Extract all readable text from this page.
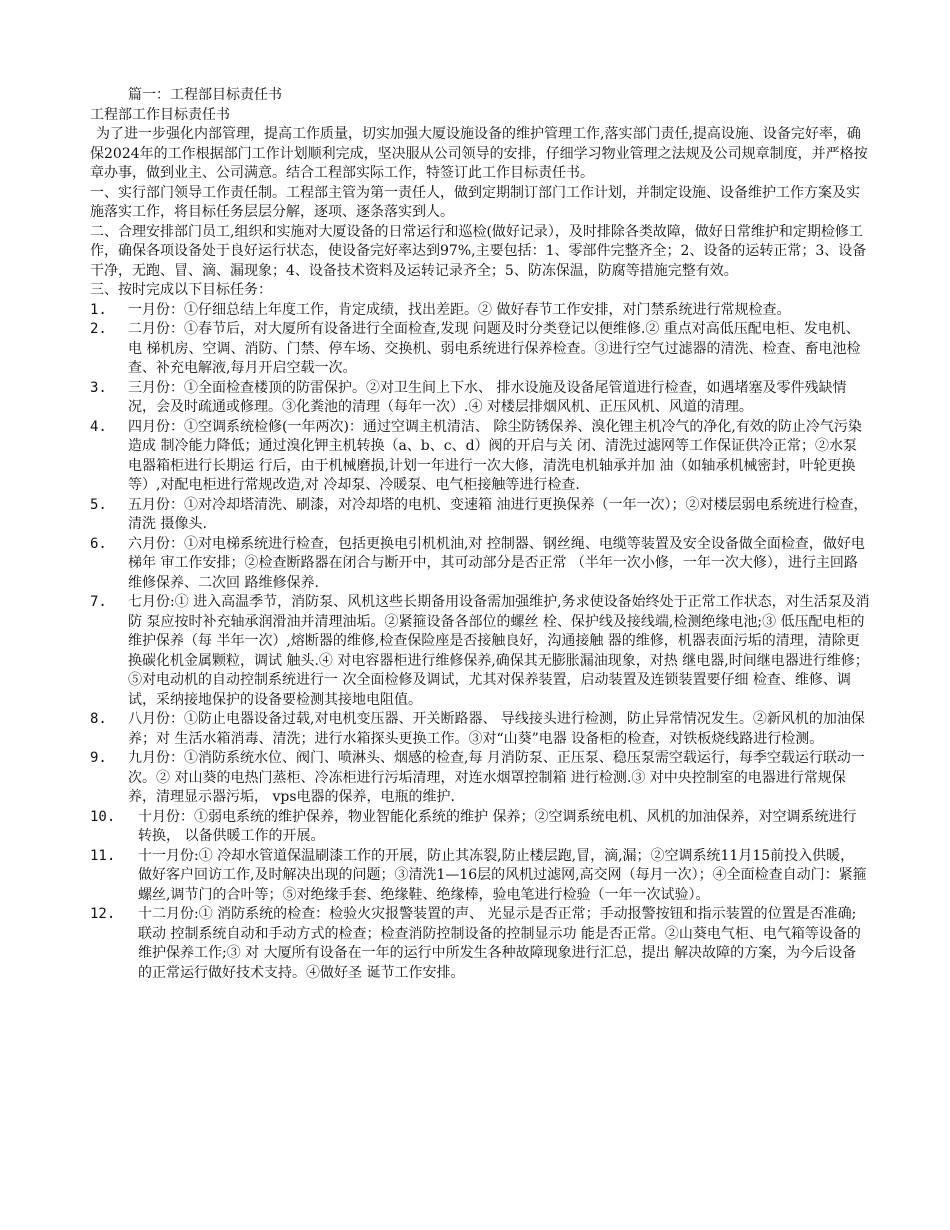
篇一：工程部目标责任书
工程部工作目标责任书
为了进一步强化内部管理，提高工作质量，切实加强大厦设施设备的维护管理工作,落实部门责任,提高设施、设备完好率，确保2024年的工作根据部门工作计划顺利完成，坚决服从公司领导的安排，仔细学习物业管理之法规及公司规章制度，并严格按章办事，做到业主、公司满意。结合工程部实际工作，特签订此工作目标责任书。
一、实行部门领导工作责任制。工程部主管为第一责任人，做到定期制订部门工作计划，并制定设施、设备维护工作方案及实施落实工作，将目标任务层层分解，逐项、逐条落实到人。
二、合理安排部门员工,组织和实施对大厦设备的日常运行和巡检(做好记录），及时排除各类故障，做好日常维护和定期检修工作，确保各项设备处于良好运行状态，使设备完好率达到97%,主要包括：1、零部件完整齐全；2、设备的运转正常；3、设备干净，无跑、冒、滴、漏现象；4、设备技术资料及运转记录齐全；5、防冻保温，防腐等措施完整有效。
三、按时完成以下目标任务：
1.	一月份：①仔细总结上年度工作，肯定成绩，找出差距。② 做好春节工作安排，对门禁系统进行常规检查。
2.	二月份：①春节后，对大厦所有设备进行全面检查,发现 问题及时分类登记以便维修.② 重点对高低压配电柜、发电机、电 梯机房、空调、消防、门禁、停车场、交换机、弱电系统进行保养检查。③进行空气过滤器的清洗、检查、畜电池检查、补充电解液,每月开启空载一次。
3.	三月份：①全面检查楼顶的防雷保护。②对卫生间上下水、 排水设施及设备尾管道进行检查，如遇堵塞及零件残缺情况，会及时疏通或修理。③化粪池的清理（每年一次）.④ 对楼层排烟风机、正压风机、风道的清理。
4.	四月份：①空调系统检修(一年两次)：通过空调主机清洁、 除尘防锈保养、溴化锂主机冷气的净化,有效的防止冷气污染造成 制冷能力降低；通过溴化钾主机转换（a、b、c、d）阀的开启与关 闭、清洗过滤网等工作保证供冷正常；②水泵电器箱柜进行长期运 行后，由于机械磨损,计划一年进行一次大修，清洗电机轴承并加 油（如轴承机械密封，叶轮更换等）,对配电柜进行常规改造,对 冷却泵、冷暖泵、电气柜接触等进行检查.
5.	五月份：①对冷却塔清洗、刷漆，对冷却塔的电机、变速箱 油进行更换保养（一年一次）；②对楼层弱电系统进行检查，清洗 摄像头.
6.	六月份：①对电梯系统进行检查，包括更换电引机机油,对 控制器、钢丝绳、电缆等装置及安全设备做全面检查，做好电梯年 审工作安排；②检查断路器在闭合与断开中，其可动部分是否正常 （半年一次小修，一年一次大修），进行主回路维修保养、二次回 路维修保养.
7.	七月份:① 进入高温季节，消防泵、风机这些长期备用设备需加强维护,务求使设备始终处于正常工作状态，对生活泵及消防 泵应按时补充轴承润滑油并清理油垢。②紧箍设备各部位的螺丝 栓、保护线及接线端,检测绝缘电池;③ 低压配电柜的维护保养（每 半年一次）,熔断器的维修,检查保险座是否接触良好，沟通接触 器的维修，机器表面污垢的清理，清除更换碳化机金属颗粒，调试 触头.④ 对电容器柜进行维修保养,确保其无膨胀漏油现象，对热 继电器,时间继电器进行维修；⑤对电动机的自动控制系统进行一 次全面检修及调试，尤其对保养装置，启动装置及连锁装置要仔细 检查、维修、调试，采纳接地保护的设备要检测其接地电阻值。
8.	八月份：①防止电器设备过载,对电机变压器、开关断路器、 导线接头进行检测，防止异常情况发生。②新风机的加油保养；对 生活水箱消毒、清洗；进行水箱探头更换工作。③对“山葵”电器 设备柜的检查，对铁板烧线路进行检测。
9.	九月份：①消防系统水位、阀门、喷淋头、烟感的检查,每 月消防泵、正压泵、稳压泵需空载运行，每季空载运行联动一次。② 对山葵的电热门蒸柜、冷冻柜进行污垢清理，对连水烟罩控制箱 进行检测.③ 对中央控制室的电器进行常规保养，清理显示器污垢， vps电器的保养，电瓶的维护.
10.	十月份：①弱电系统的维护保养，物业智能化系统的维护 保养；②空调系统电机、风机的加油保养，对空调系统进行转换， 以备供暖工作的开展。
11.	十一月份:① 冷却水管道保温刷漆工作的开展，防止其冻裂,防止楼层跑,冒，滴,漏；②空调系统11月15前投入供暖， 做好客户回访工作,及时解决出现的问题；③清洗1—16层的风机过滤网,高交网（每月一次）；④全面检查自动门：紧箍螺丝,调节门的合叶等；⑤对绝缘手套、绝缘鞋、绝缘棒，验电笔进行检验（一年一次试验）。
12.	十二月份:① 消防系统的检查：检验火灾报警装置的声、 光显示是否正常；手动报警按钮和指示装置的位置是否准确;联动 控制系统自动和手动方式的检查；检查消防控制设备的控制显示功 能是否正常。②山葵电气柜、电气箱等设备的维护保养工作;③ 对 大厦所有设备在一年的运行中所发生各种故障现象进行汇总，提出 解决故障的方案，为今后设备的正常运行做好技术支持。④做好圣 诞节工作安排。
